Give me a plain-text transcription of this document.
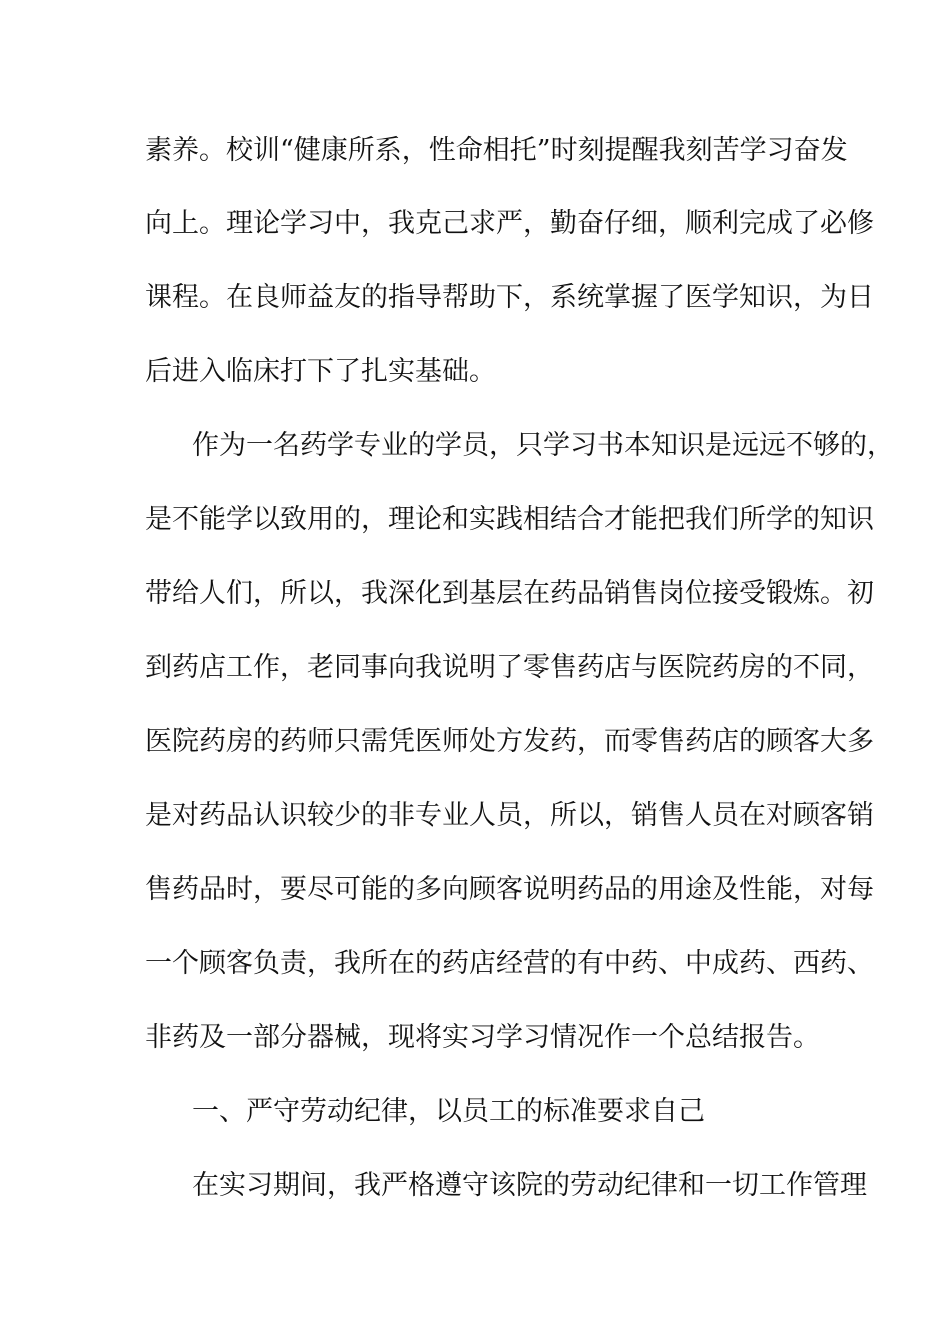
素养。校训“健康所系，性命相托”时刻提醒我刻苦学习奋发
向上。理论学习中，我克己求严，勤奋仔细，顺利完成了必修
课程。在良师益友的指导帮助下，系统掌握了医学知识，为日
后进入临床打下了扎实基础。
作为一名药学专业的学员，只学习书本知识是远远不够的，
是不能学以致用的，理论和实践相结合才能把我们所学的知识
带给人们，所以，我深化到基层在药品销售岗位接受锻炼。初
到药店工作，老同事向我说明了零售药店与医院药房的不同，
医院药房的药师只需凭医师处方发药，而零售药店的顾客大多
是对药品认识较少的非专业人员，所以，销售人员在对顾客销
售药品时，要尽可能的多向顾客说明药品的用途及性能，对每
一个顾客负责，我所在的药店经营的有中药、中成药、西药、
非药及一部分器械，现将实习学习情况作一个总结报告。
一、严守劳动纪律，以员工的标准要求自己
在实习期间，我严格遵守该院的劳动纪律和一切工作管理
